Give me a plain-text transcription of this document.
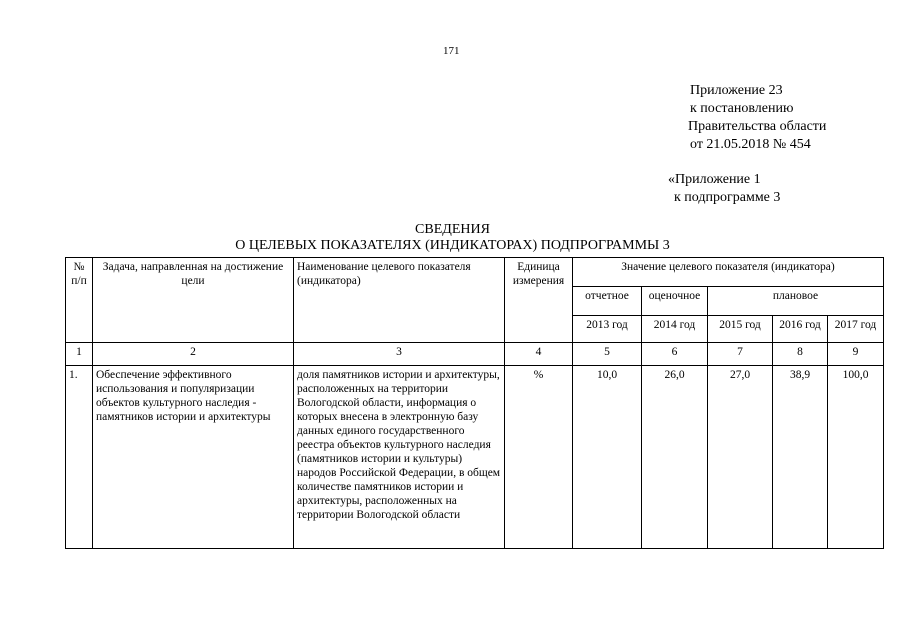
171
Приложение 23
к постановлению
Правительства области
от 21.05.2018 № 454
«Приложение 1
к подпрограмме 3
СВЕДЕНИЯ
О ЦЕЛЕВЫХ ПОКАЗАТЕЛЯХ (ИНДИКАТОРАХ) ПОДПРОГРАММЫ 3
№ п/п	Задача, направленная на достижение цели	Наименование целевого показателя (индикатора)	Единица измерения	Значение целевого показателя (индикатора)				
				отчетное	оценочное	плановое		
				2013 год	2014 год	2015 год	2016 год	2017 год
1	2	3	4	5	6	7	8	9
1.	Обеспечение эффективного использования и популяризации объектов культурного наследия - памятников истории и архитектуры	доля памятников истории и архитектуры, расположенных на территории Вологодской области, информация о которых внесена в электронную базу данных единого государственного реестра объектов культурного наследия (памятников истории и культуры) народов Российской Федерации, в общем количестве памятников истории и архитектуры, расположенных на территории Вологодской области	%	10,0	26,0	27,0	38,9	100,0
